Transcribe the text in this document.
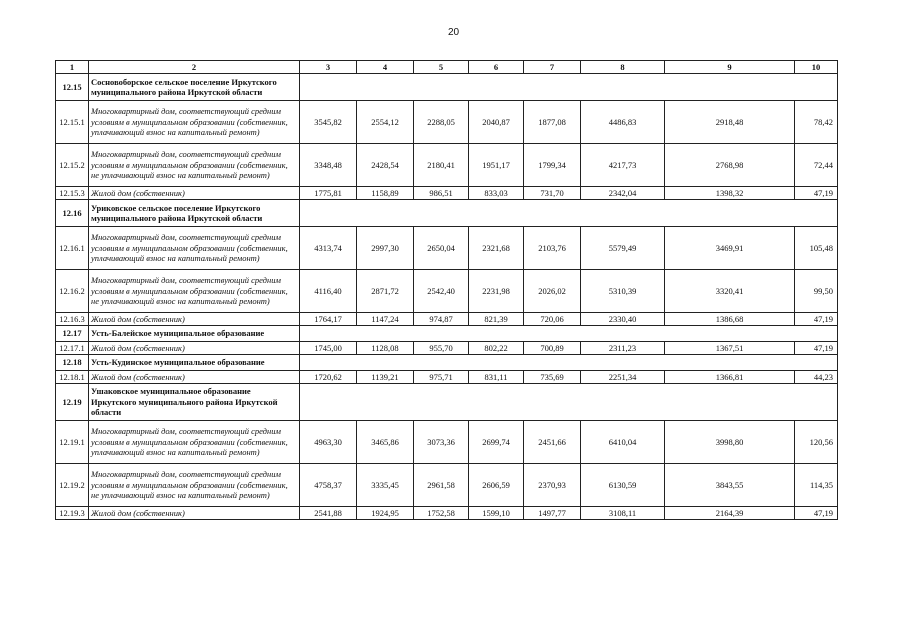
20
1	2	3	4	5	6	7	8	9	10
12.15	Сосновоборское сельское поселение Иркутского муниципального района Иркутской области								
12.15.1	Многоквартирный дом, соответствующий средним условиям в муниципальном образовании (собственник, уплачивающий взнос на капитальный ремонт)	3545,82	2554,12	2288,05	2040,87	1877,08	4486,83	2918,48	78,42
12.15.2	Многоквартирный дом, соответствующий средним условиям в муниципальном образовании (собственник, не уплачивающий взнос на капитальный ремонт)	3348,48	2428,54	2180,41	1951,17	1799,34	4217,73	2768,98	72,44
12.15.3	Жилой дом (собственник)	1775,81	1158,89	986,51	833,03	731,70	2342,04	1398,32	47,19
12.16	Уриковское сельское поселение Иркутского муниципального района Иркутской области								
12.16.1	Многоквартирный дом, соответствующий средним условиям в муниципальном образовании (собственник, уплачивающий взнос на капитальный ремонт)	4313,74	2997,30	2650,04	2321,68	2103,76	5579,49	3469,91	105,48
12.16.2	Многоквартирный дом, соответствующий средним условиям в муниципальном образовании (собственник, не уплачивающий взнос на капитальный ремонт)	4116,40	2871,72	2542,40	2231,98	2026,02	5310,39	3320,41	99,50
12.16.3	Жилой дом (собственник)	1764,17	1147,24	974,87	821,39	720,06	2330,40	1386,68	47,19
12.17	Усть-Балейское муниципальное образование								
12.17.1	Жилой дом (собственник)	1745,00	1128,08	955,70	802,22	700,89	2311,23	1367,51	47,19
12.18	Усть-Кудинское муниципальное образование								
12.18.1	Жилой дом (собственник)	1720,62	1139,21	975,71	831,11	735,69	2251,34	1366,81	44,23
12.19	Ушаковское муниципальное образование Иркутского муниципального района Иркутской области								
12.19.1	Многоквартирный дом, соответствующий средним условиям в муниципальном образовании (собственник, уплачивающий взнос на капитальный ремонт)	4963,30	3465,86	3073,36	2699,74	2451,66	6410,04	3998,80	120,56
12.19.2	Многоквартирный дом, соответствующий средним условиям в муниципальном образовании (собственник, не уплачивающий взнос на капитальный ремонт)	4758,37	3335,45	2961,58	2606,59	2370,93	6130,59	3843,55	114,35
12.19.3	Жилой дом (собственник)	2541,88	1924,95	1752,58	1599,10	1497,77	3108,11	2164,39	47,19
